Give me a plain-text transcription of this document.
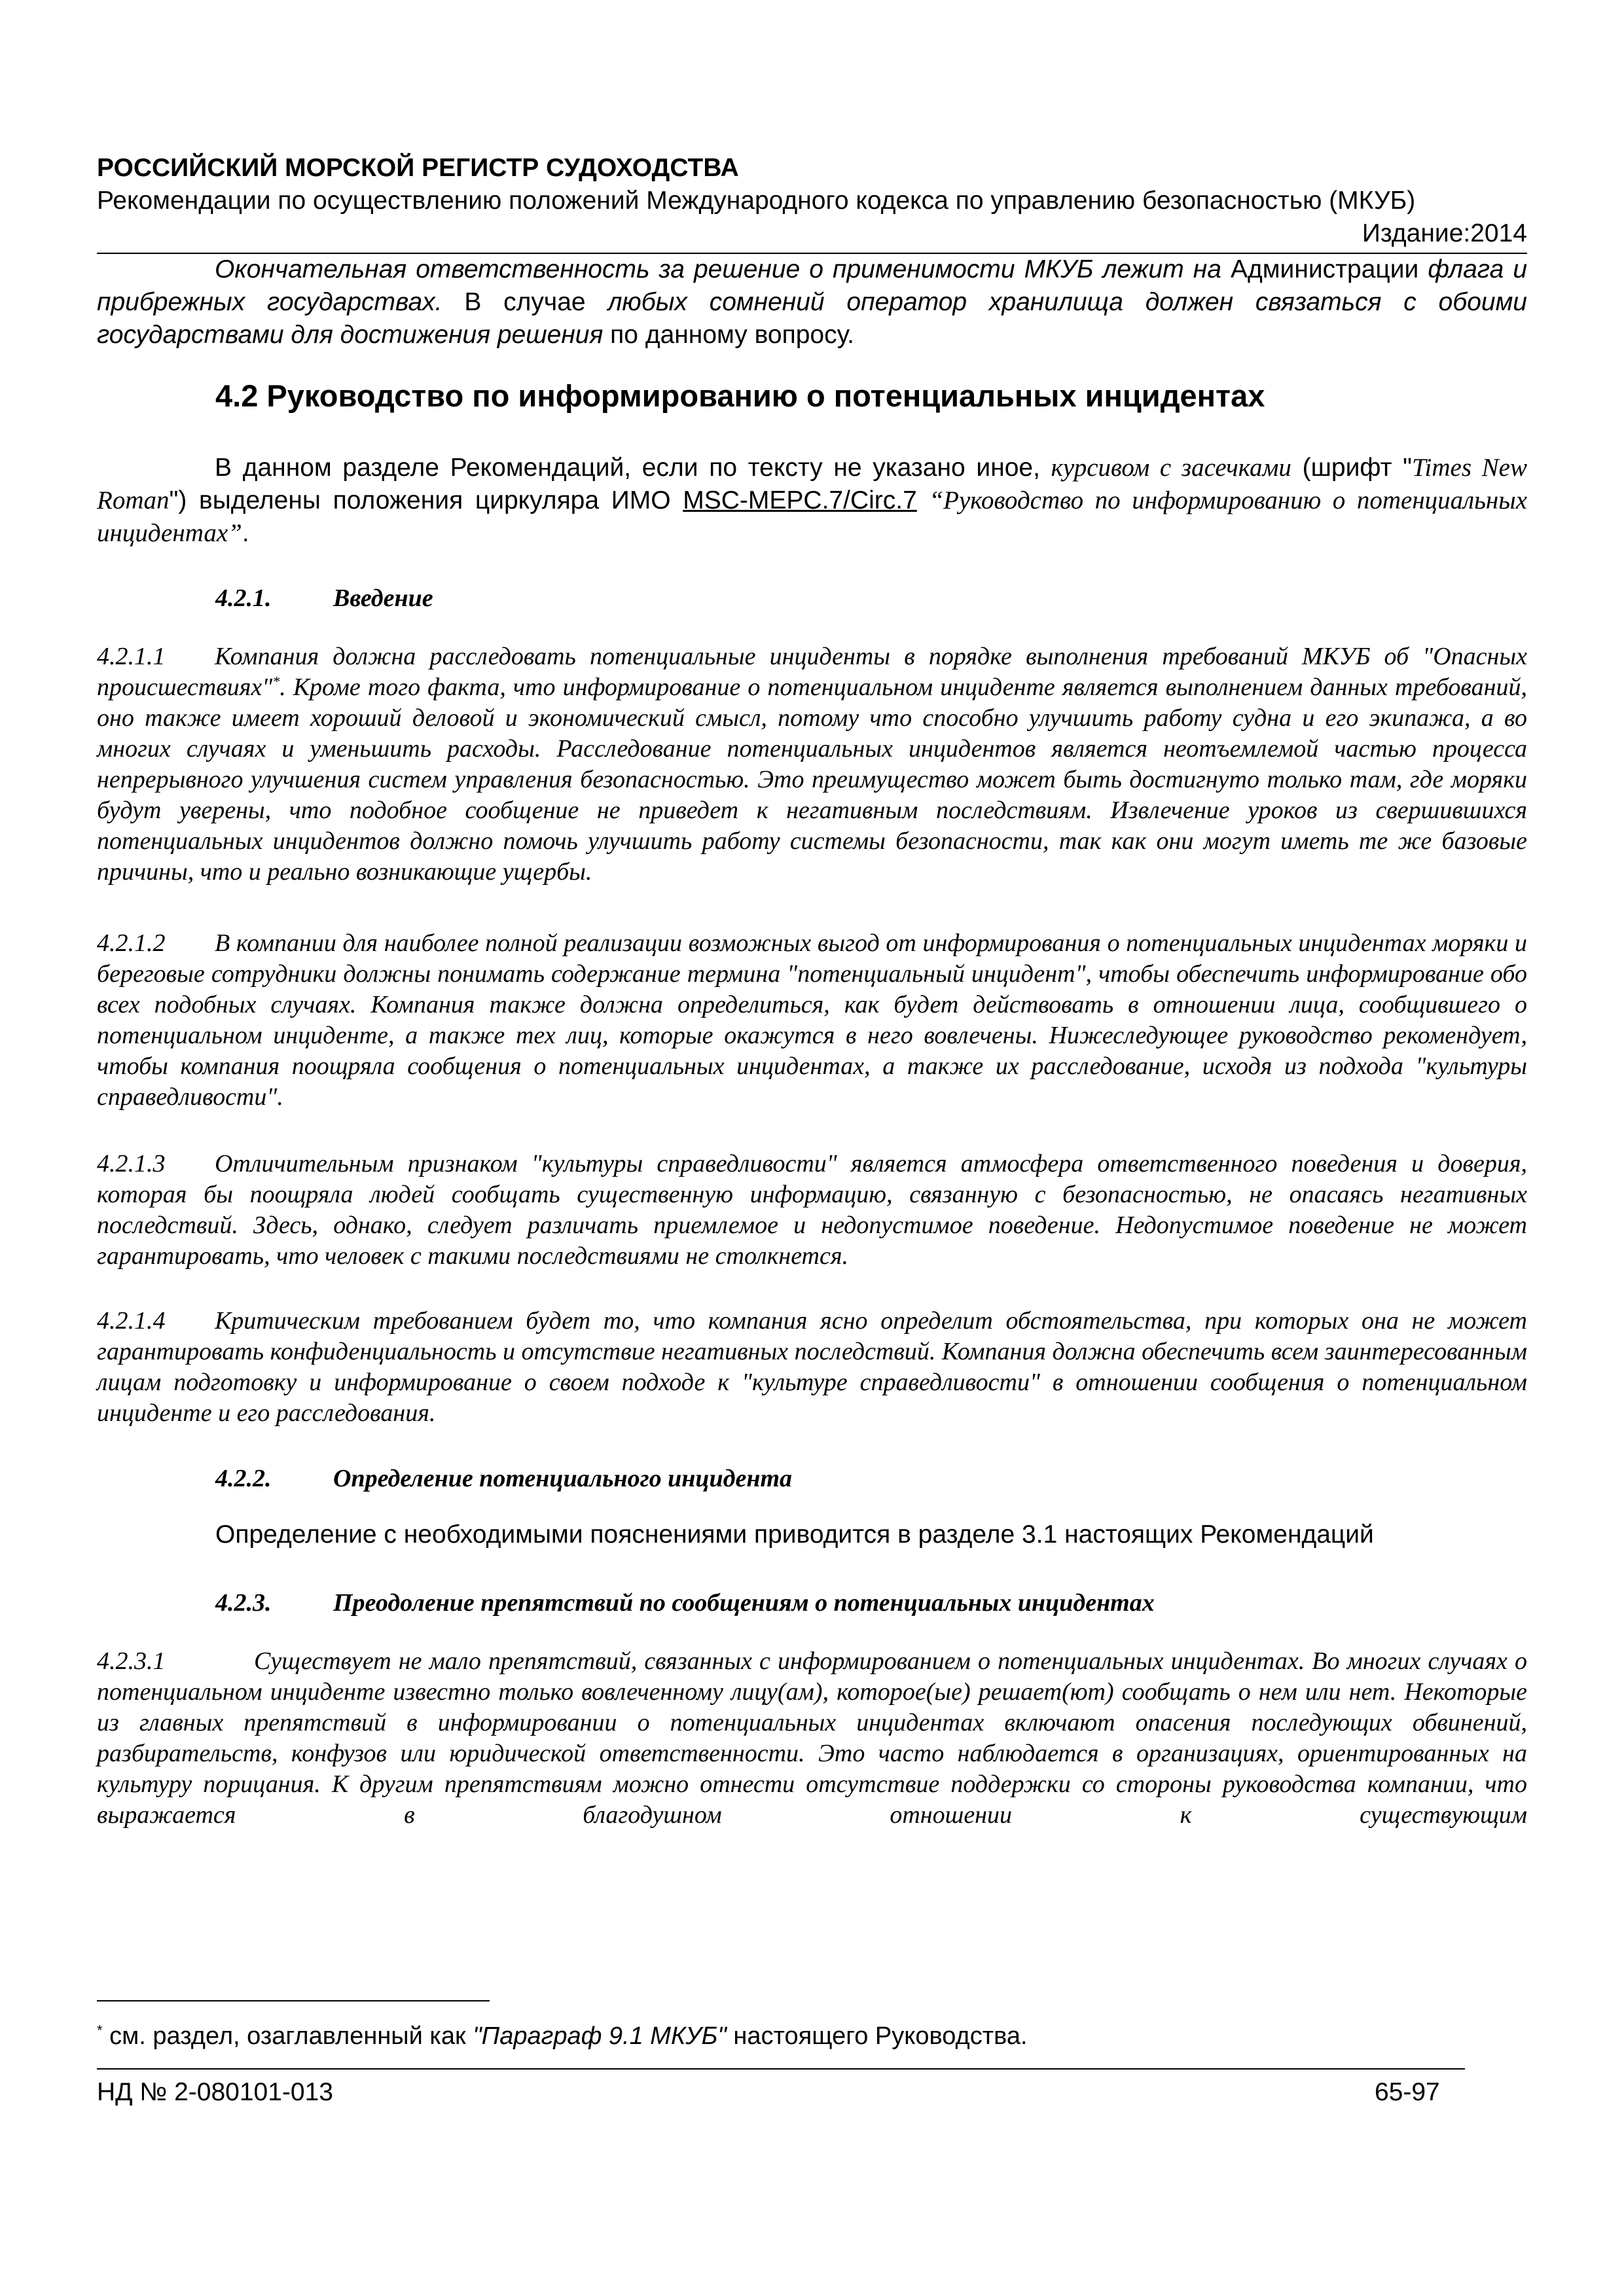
РОССИЙСКИЙ МОРСКОЙ РЕГИСТР СУДОХОДСТВА
Рекомендации по осуществлению положений Международного кодекса по управлению безопасностью (МКУБ)
Издание:2014
Окончательная ответственность за решение о применимости МКУБ лежит на Администрации флага и прибрежных государствах. В случае любых сомнений оператор хранилища должен связаться с обоими государствами для достижения решения по данному вопросу.
4.2 Руководство по информированию о потенциальных инцидентах
В данном разделе Рекомендаций, если по тексту не указано иное, курсивом с засечками (шрифт "Times New Roman") выделены положения циркуляра ИМО MSC-MEPC.7/Circ.7 “Руководство по информированию о потенциальных инцидентах”.
4.2.1. Введение
4.2.1.1 Компания должна расследовать потенциальные инциденты в порядке выполнения требований МКУБ об "Опасных происшествиях"*. Кроме того факта, что информирование о потенциальном инциденте является выполнением данных требований, оно также имеет хороший деловой и экономический смысл, потому что способно улучшить работу судна и его экипажа, а во многих случаях и уменьшить расходы. Расследование потенциальных инцидентов является неотъемлемой частью процесса непрерывного улучшения систем управления безопасностью. Это преимущество может быть достигнуто только там, где моряки будут уверены, что подобное сообщение не приведет к негативным последствиям. Извлечение уроков из свершившихся потенциальных инцидентов должно помочь улучшить работу системы безопасности, так как они могут иметь те же базовые причины, что и реально возникающие ущербы.
4.2.1.2 В компании для наиболее полной реализации возможных выгод от информирования о потенциальных инцидентах моряки и береговые сотрудники должны понимать содержание термина "потенциальный инцидент", чтобы обеспечить информирование обо всех подобных случаях. Компания также должна определиться, как будет действовать в отношении лица, сообщившего о потенциальном инциденте, а также тех лиц, которые окажутся в него вовлечены. Нижеследующее руководство рекомендует, чтобы компания поощряла сообщения о потенциальных инцидентах, а также их расследование, исходя из подхода "культуры справедливости".
4.2.1.3 Отличительным признаком "культуры справедливости" является атмосфера ответственного поведения и доверия, которая бы поощряла людей сообщать существенную информацию, связанную с безопасностью, не опасаясь негативных последствий. Здесь, однако, следует различать приемлемое и недопустимое поведение. Недопустимое поведение не может гарантировать, что человек с такими последствиями не столкнется.
4.2.1.4 Критическим требованием будет то, что компания ясно определит обстоятельства, при которых она не может гарантировать конфиденциальность и отсутствие негативных последствий. Компания должна обеспечить всем заинтересованным лицам подготовку и информирование о своем подходе к "культуре справедливости" в отношении сообщения о потенциальном инциденте и его расследования.
4.2.2. Определение потенциального инцидента
Определение с необходимыми пояснениями приводится в разделе 3.1 настоящих Рекомендаций
4.2.3. Преодоление препятствий по сообщениям о потенциальных инцидентах
4.2.3.1	Существует не мало препятствий, связанных с информированием о потенциальных инцидентах. Во многих случаях о потенциальном инциденте известно только вовлеченному лицу(ам), которое(ые) решает(ют) сообщать о нем или нет. Некоторые из главных препятствий в информировании о потенциальных инцидентах включают опасения последующих обвинений, разбирательств, конфузов или юридической ответственности. Это часто наблюдается в организациях, ориентированных на культуру порицания. К другим препятствиям можно отнести отсутствие поддержки со стороны руководства компании, что выражается в благодушном отношении к существующим
* см. раздел, озаглавленный как "Параграф 9.1 МКУБ" настоящего Руководства.
НД № 2-080101-013	65-97
